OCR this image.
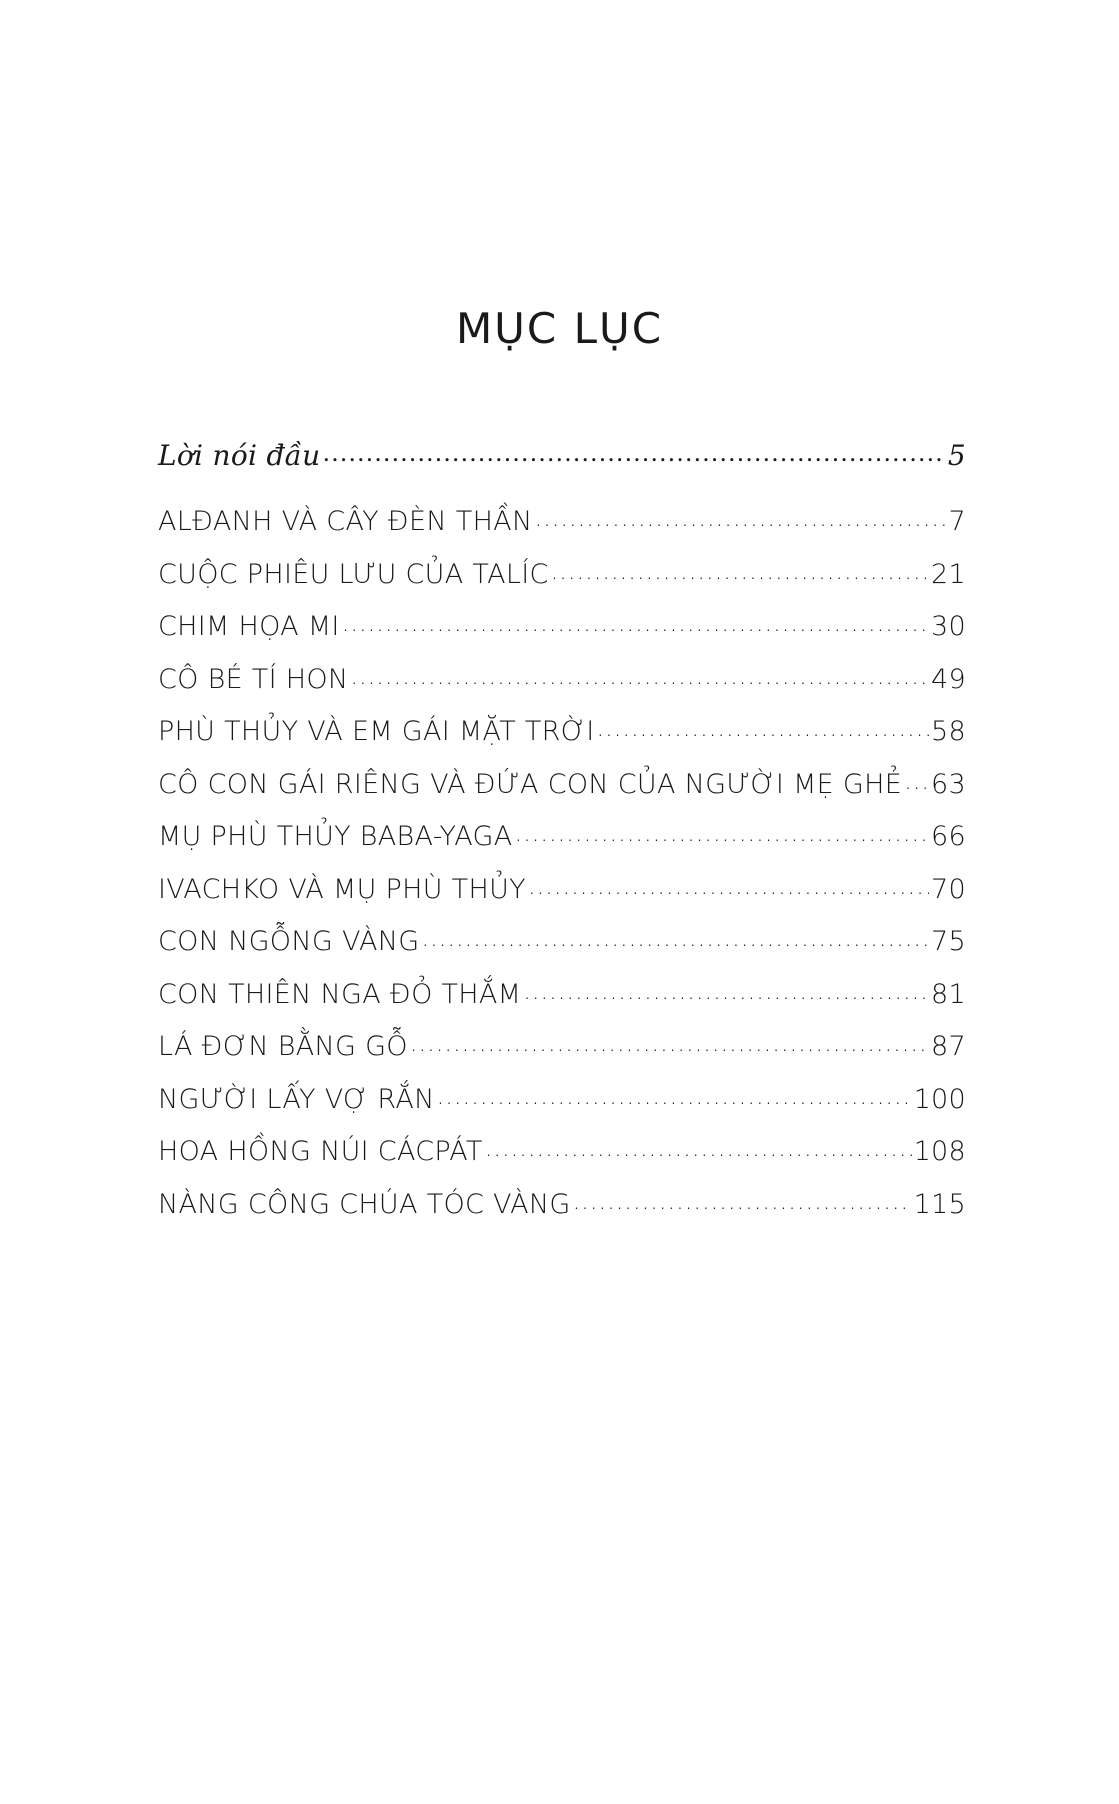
MỤC LỤC
Lời nói đầu .....	5
ALĐANH VÀ CÂY ĐÈN THẦN .....	7
CUỘC PHIÊU LƯU CỦA TALÍC .....	21
CHIM HỌA MI .....	30
CÔ BÉ TÍ HON .....	49
PHÙ THỦY VÀ EM GÁI MẶT TRỜI .....	58
CÔ CON GÁI RIÊNG VÀ ĐỨA CON CỦA NGƯỜI MẸ GHẺ ..... 63
MỤ PHÙ THỦY BABA-YAGA .....	66
IVACHKO VÀ MỤ PHÙ THỦY .....	70
CON NGỖNG VÀNG .....	75
CON THIÊN NGA ĐỎ THẮM .....	81
LÁ ĐƠN BẰNG GỖ .....	87
NGƯỜI LẤY VỢ RẮN .....	100
HOA HỒNG NÚI CÁCPÁT .....	108
NÀNG CÔNG CHÚA TÓC VÀNG .....	115
